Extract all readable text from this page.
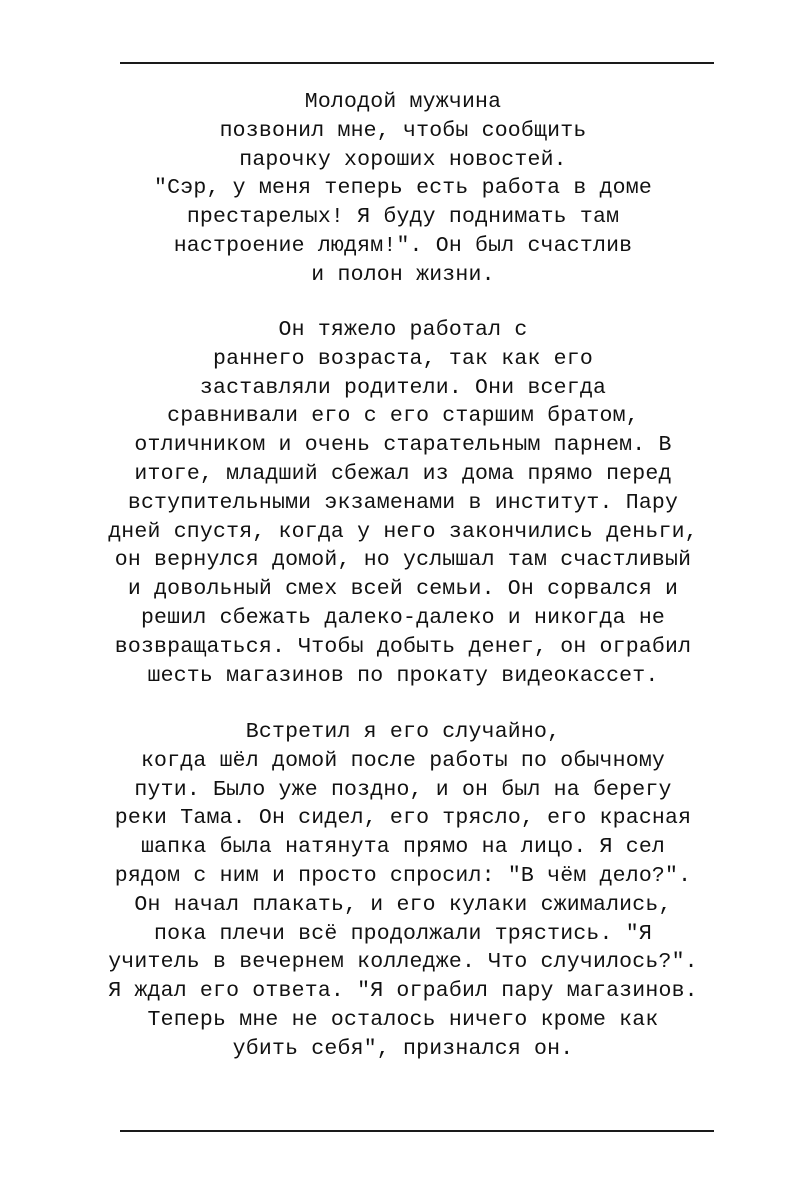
Молодой мужчина
позвонил мне, чтобы сообщить
парочку хороших новостей.
"Сэр, у меня теперь есть работа в доме
престарелых! Я буду поднимать там
настроение людям!". Он был счастлив
и полон жизни.
Он тяжело работал с
раннего возраста, так как его
заставляли родители. Они всегда
сравнивали его с его старшим братом,
отличником и очень старательным парнем. В
итоге, младший сбежал из дома прямо перед
вступительными экзаменами в институт. Пару
дней спустя, когда у него закончились деньги,
он вернулся домой, но услышал там счастливый
и довольный смех всей семьи. Он сорвался и
решил сбежать далеко-далеко и никогда не
возвращаться. Чтобы добыть денег, он ограбил
шесть магазинов по прокату видеокассет.
Встретил я его случайно,
когда шёл домой после работы по обычному
пути. Было уже поздно, и он был на берегу
реки Тама. Он сидел, его трясло, его красная
шапка была натянута прямо на лицо. Я сел
рядом с ним и просто спросил: "В чём дело?".
Он начал плакать, и его кулаки сжимались,
пока плечи всё продолжали трястись. "Я
учитель в вечернем колледже. Что случилось?".
Я ждал его ответа. "Я ограбил пару магазинов.
Теперь мне не осталось ничего кроме как
убить себя", признался он.
